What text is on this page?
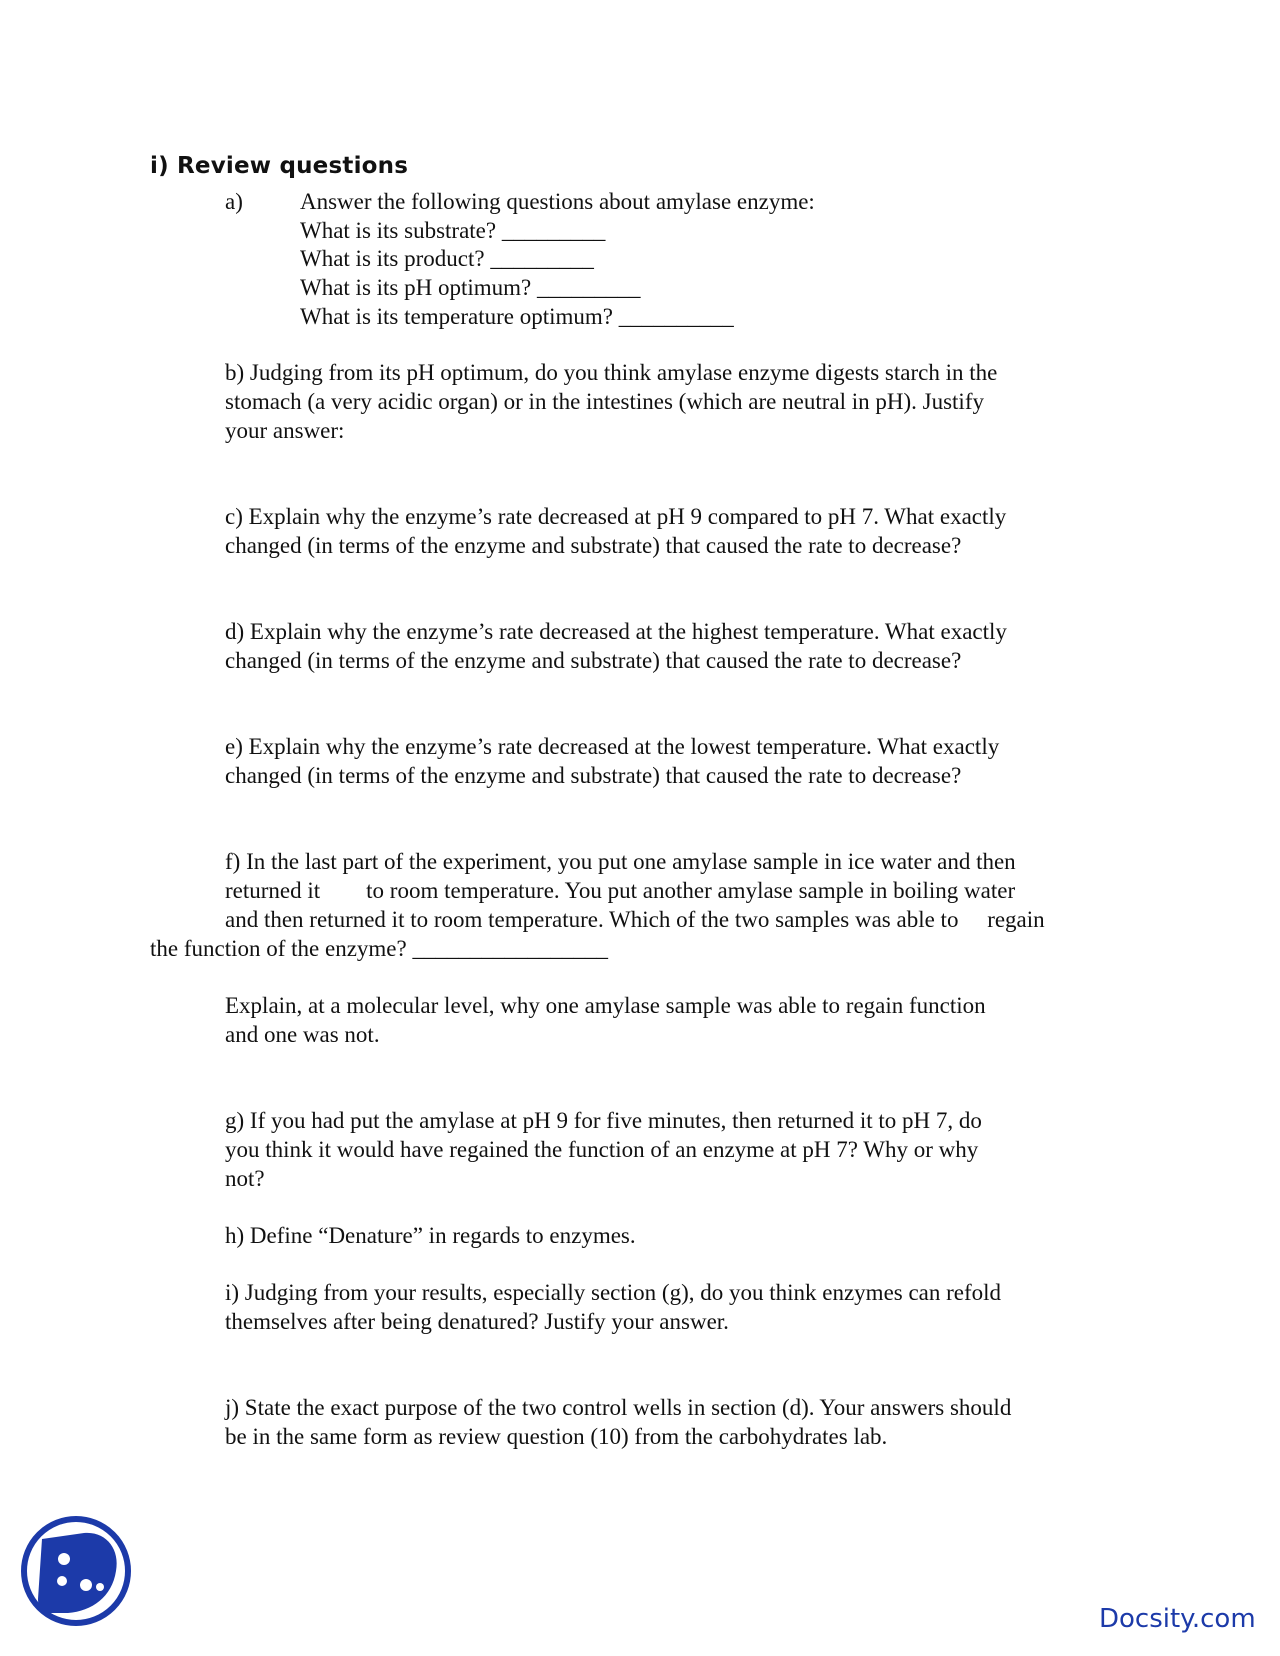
i) Review questions
a) Answer the following questions about amylase enzyme:
What is its substrate? _________
What is its product? _________
What is its pH optimum? _________
What is its temperature optimum? __________
b) Judging from its pH optimum, do you think amylase enzyme digests starch in the
stomach (a very acidic organ) or in the intestines (which are neutral in pH). Justify
your answer:
c) Explain why the enzyme’s rate decreased at pH 9 compared to pH 7. What exactly
changed (in terms of the enzyme and substrate) that caused the rate to decrease?
d) Explain why the enzyme’s rate decreased at the highest temperature. What exactly
changed (in terms of the enzyme and substrate) that caused the rate to decrease?
e) Explain why the enzyme’s rate decreased at the lowest temperature. What exactly
changed (in terms of the enzyme and substrate) that caused the rate to decrease?
f) In the last part of the experiment, you put one amylase sample in ice water and then
returned it        to room temperature. You put another amylase sample in boiling water
and then returned it to room temperature. Which of the two samples was able to     regain
the function of the enzyme? _________________
Explain, at a molecular level, why one amylase sample was able to regain function
and one was not.
g) If you had put the amylase at pH 9 for five minutes, then returned it to pH 7, do
you think it would have regained the function of an enzyme at pH 7? Why or why
not?
h) Define “Denature” in regards to enzymes.
i) Judging from your results, especially section (g), do you think enzymes can refold
themselves after being denatured? Justify your answer.
j) State the exact purpose of the two control wells in section (d). Your answers should
be in the same form as review question (10) from the carbohydrates lab.
Docsity.com
